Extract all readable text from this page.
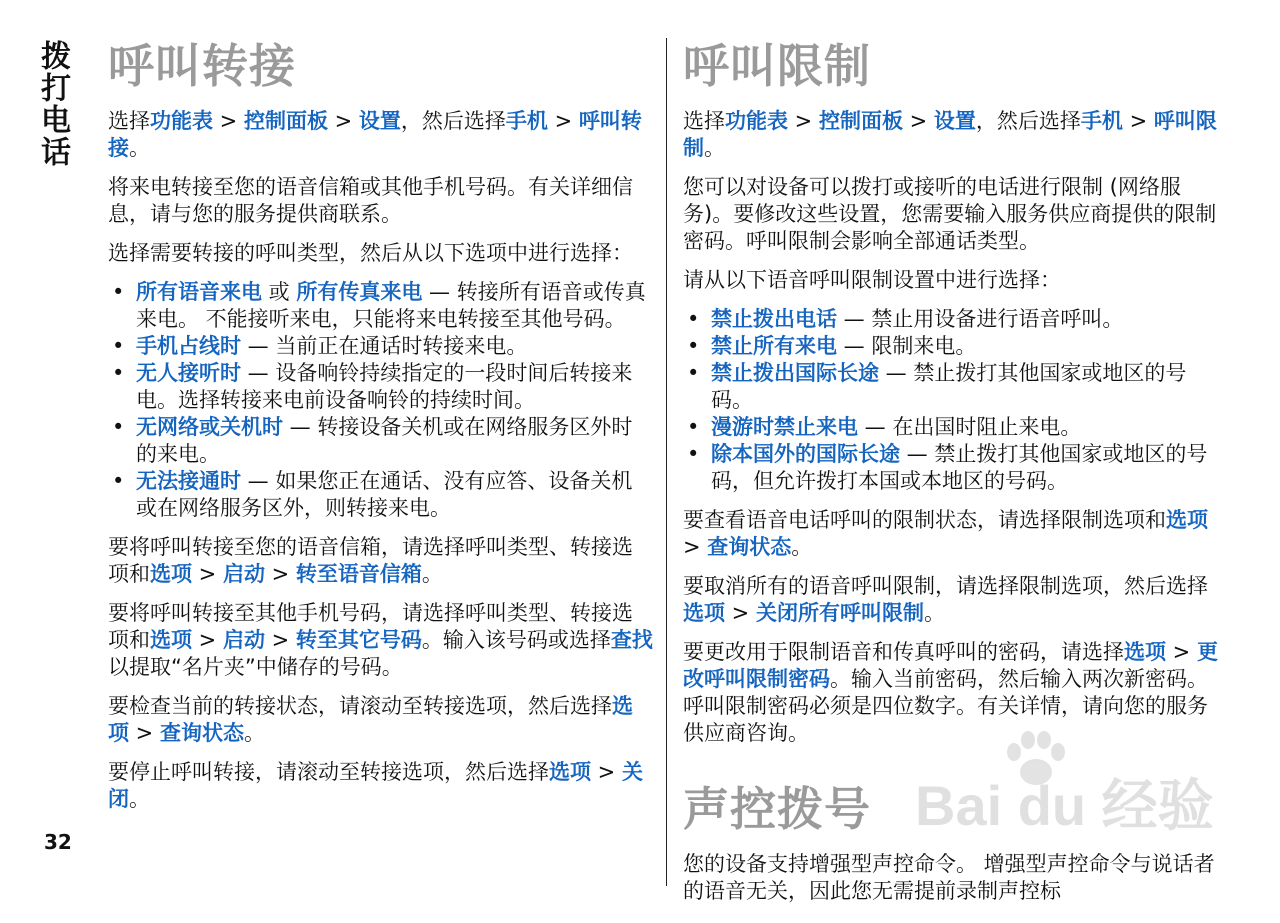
拨打电话
32
呼叫转接

选择功能表 > 控制面板 > 设置，然后选择手机 > 呼叫转接。

将来电转接至您的语音信箱或其他手机号码。有关详细信息，请与您的服务提供商联系。

选择需要转接的呼叫类型，然后从以下选项中进行选择：

• 所有语音来电 或 所有传真来电 — 转接所有语音或传真来电。 不能接听来电，只能将来电转接至其他号码。
• 手机占线时 — 当前正在通话时转接来电。
• 无人接听时 — 设备响铃持续指定的一段时间后转接来电。选择转接来电前设备响铃的持续时间。
• 无网络或关机时 — 转接设备关机或在网络服务区外时的来电。
• 无法接通时 — 如果您正在通话、没有应答、设备关机或在网络服务区外，则转接来电。

要将呼叫转接至您的语音信箱，请选择呼叫类型、转接选项和选项 > 启动 > 转至语音信箱。

要将呼叫转接至其他手机号码，请选择呼叫类型、转接选项和选项 > 启动 > 转至其它号码。输入该号码或选择查找以提取“名片夹”中储存的号码。

要检查当前的转接状态，请滚动至转接选项，然后选择选项 > 查询状态。

要停止呼叫转接，请滚动至转接选项，然后选择选项 > 关闭。

呼叫限制

选择功能表 > 控制面板 > 设置，然后选择手机 > 呼叫限制。

您可以对设备可以拨打或接听的电话进行限制 (网络服务)。要修改这些设置，您需要输入服务供应商提供的限制密码。呼叫限制会影响全部通话类型。

请从以下语音呼叫限制设置中进行选择：

• 禁止拨出电话 — 禁止用设备进行语音呼叫。
• 禁止所有来电 — 限制来电。
• 禁止拨出国际长途 — 禁止拨打其他国家或地区的号码。
• 漫游时禁止来电 — 在出国时阻止来电。
• 除本国外的国际长途 — 禁止拨打其他国家或地区的号码，但允许拨打本国或本地区的号码。

要查看语音电话呼叫的限制状态，请选择限制选项和选项 > 查询状态。

要取消所有的语音呼叫限制，请选择限制选项，然后选择选项 > 关闭所有呼叫限制。

要更改用于限制语音和传真呼叫的密码，请选择选项 > 更改呼叫限制密码。输入当前密码，然后输入两次新密码。呼叫限制密码必须是四位数字。有关详情，请向您的服务供应商咨询。

声控拨号

您的设备支持增强型声控命令。 增强型声控命令与说话者的语音无关，因此您无需提前录制声控标

Bai du 经验
